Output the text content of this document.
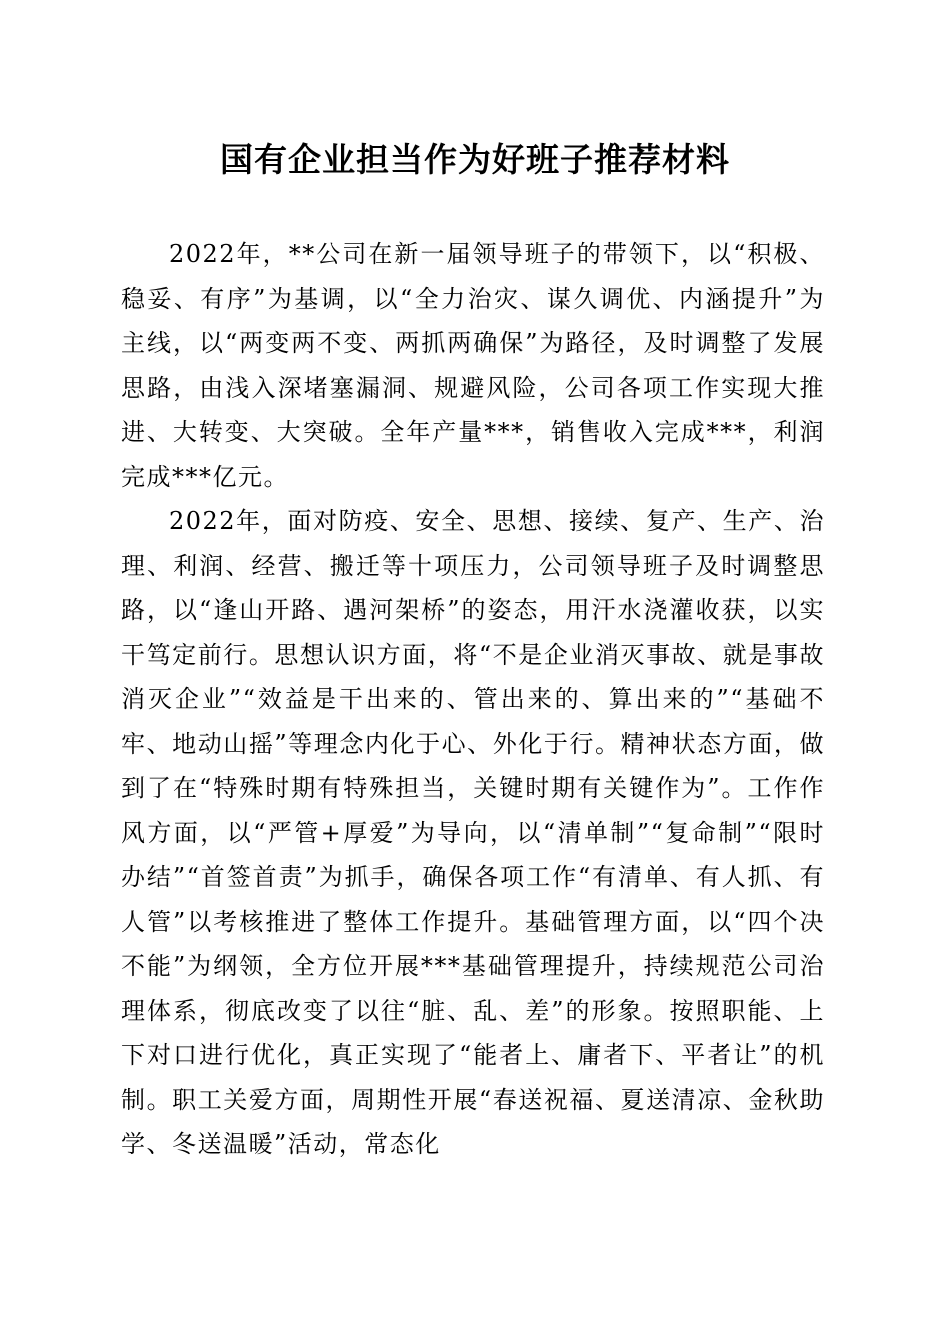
国有企业担当作为好班子推荐材料

2022年，**公司在新一届领导班子的带领下，以“积极、稳妥、有序”为基调，以“全力治灾、谋久调优、内涵提升”为主线，以“两变两不变、两抓两确保”为路径，及时调整了发展思路，由浅入深堵塞漏洞、规避风险，公司各项工作实现大推进、大转变、大突破。全年产量***，销售收入完成***，利润完成***亿元。

2022年，面对防疫、安全、思想、接续、复产、生产、治理、利润、经营、搬迁等十项压力，公司领导班子及时调整思路，以“逢山开路、遇河架桥”的姿态，用汗水浇灌收获，以实干笃定前行。思想认识方面，将“不是企业消灭事故、就是事故消灭企业”“效益是干出来的、管出来的、算出来的”“基础不牢、地动山摇”等理念内化于心、外化于行。精神状态方面，做到了在“特殊时期有特殊担当，关键时期有关键作为”。工作作风方面，以“严管+厚爱”为导向，以“清单制”“复命制”“限时办结”“首签首责”为抓手，确保各项工作“有清单、有人抓、有人管”以考核推进了整体工作提升。基础管理方面，以“四个决不能”为纲领，全方位开展***基础管理提升，持续规范公司治理体系，彻底改变了以往“脏、乱、差”的形象。按照职能、上下对口进行优化，真正实现了“能者上、庸者下、平者让”的机制。职工关爱方面，周期性开展“春送祝福、夏送清凉、金秋助学、冬送温暖”活动，常态化
